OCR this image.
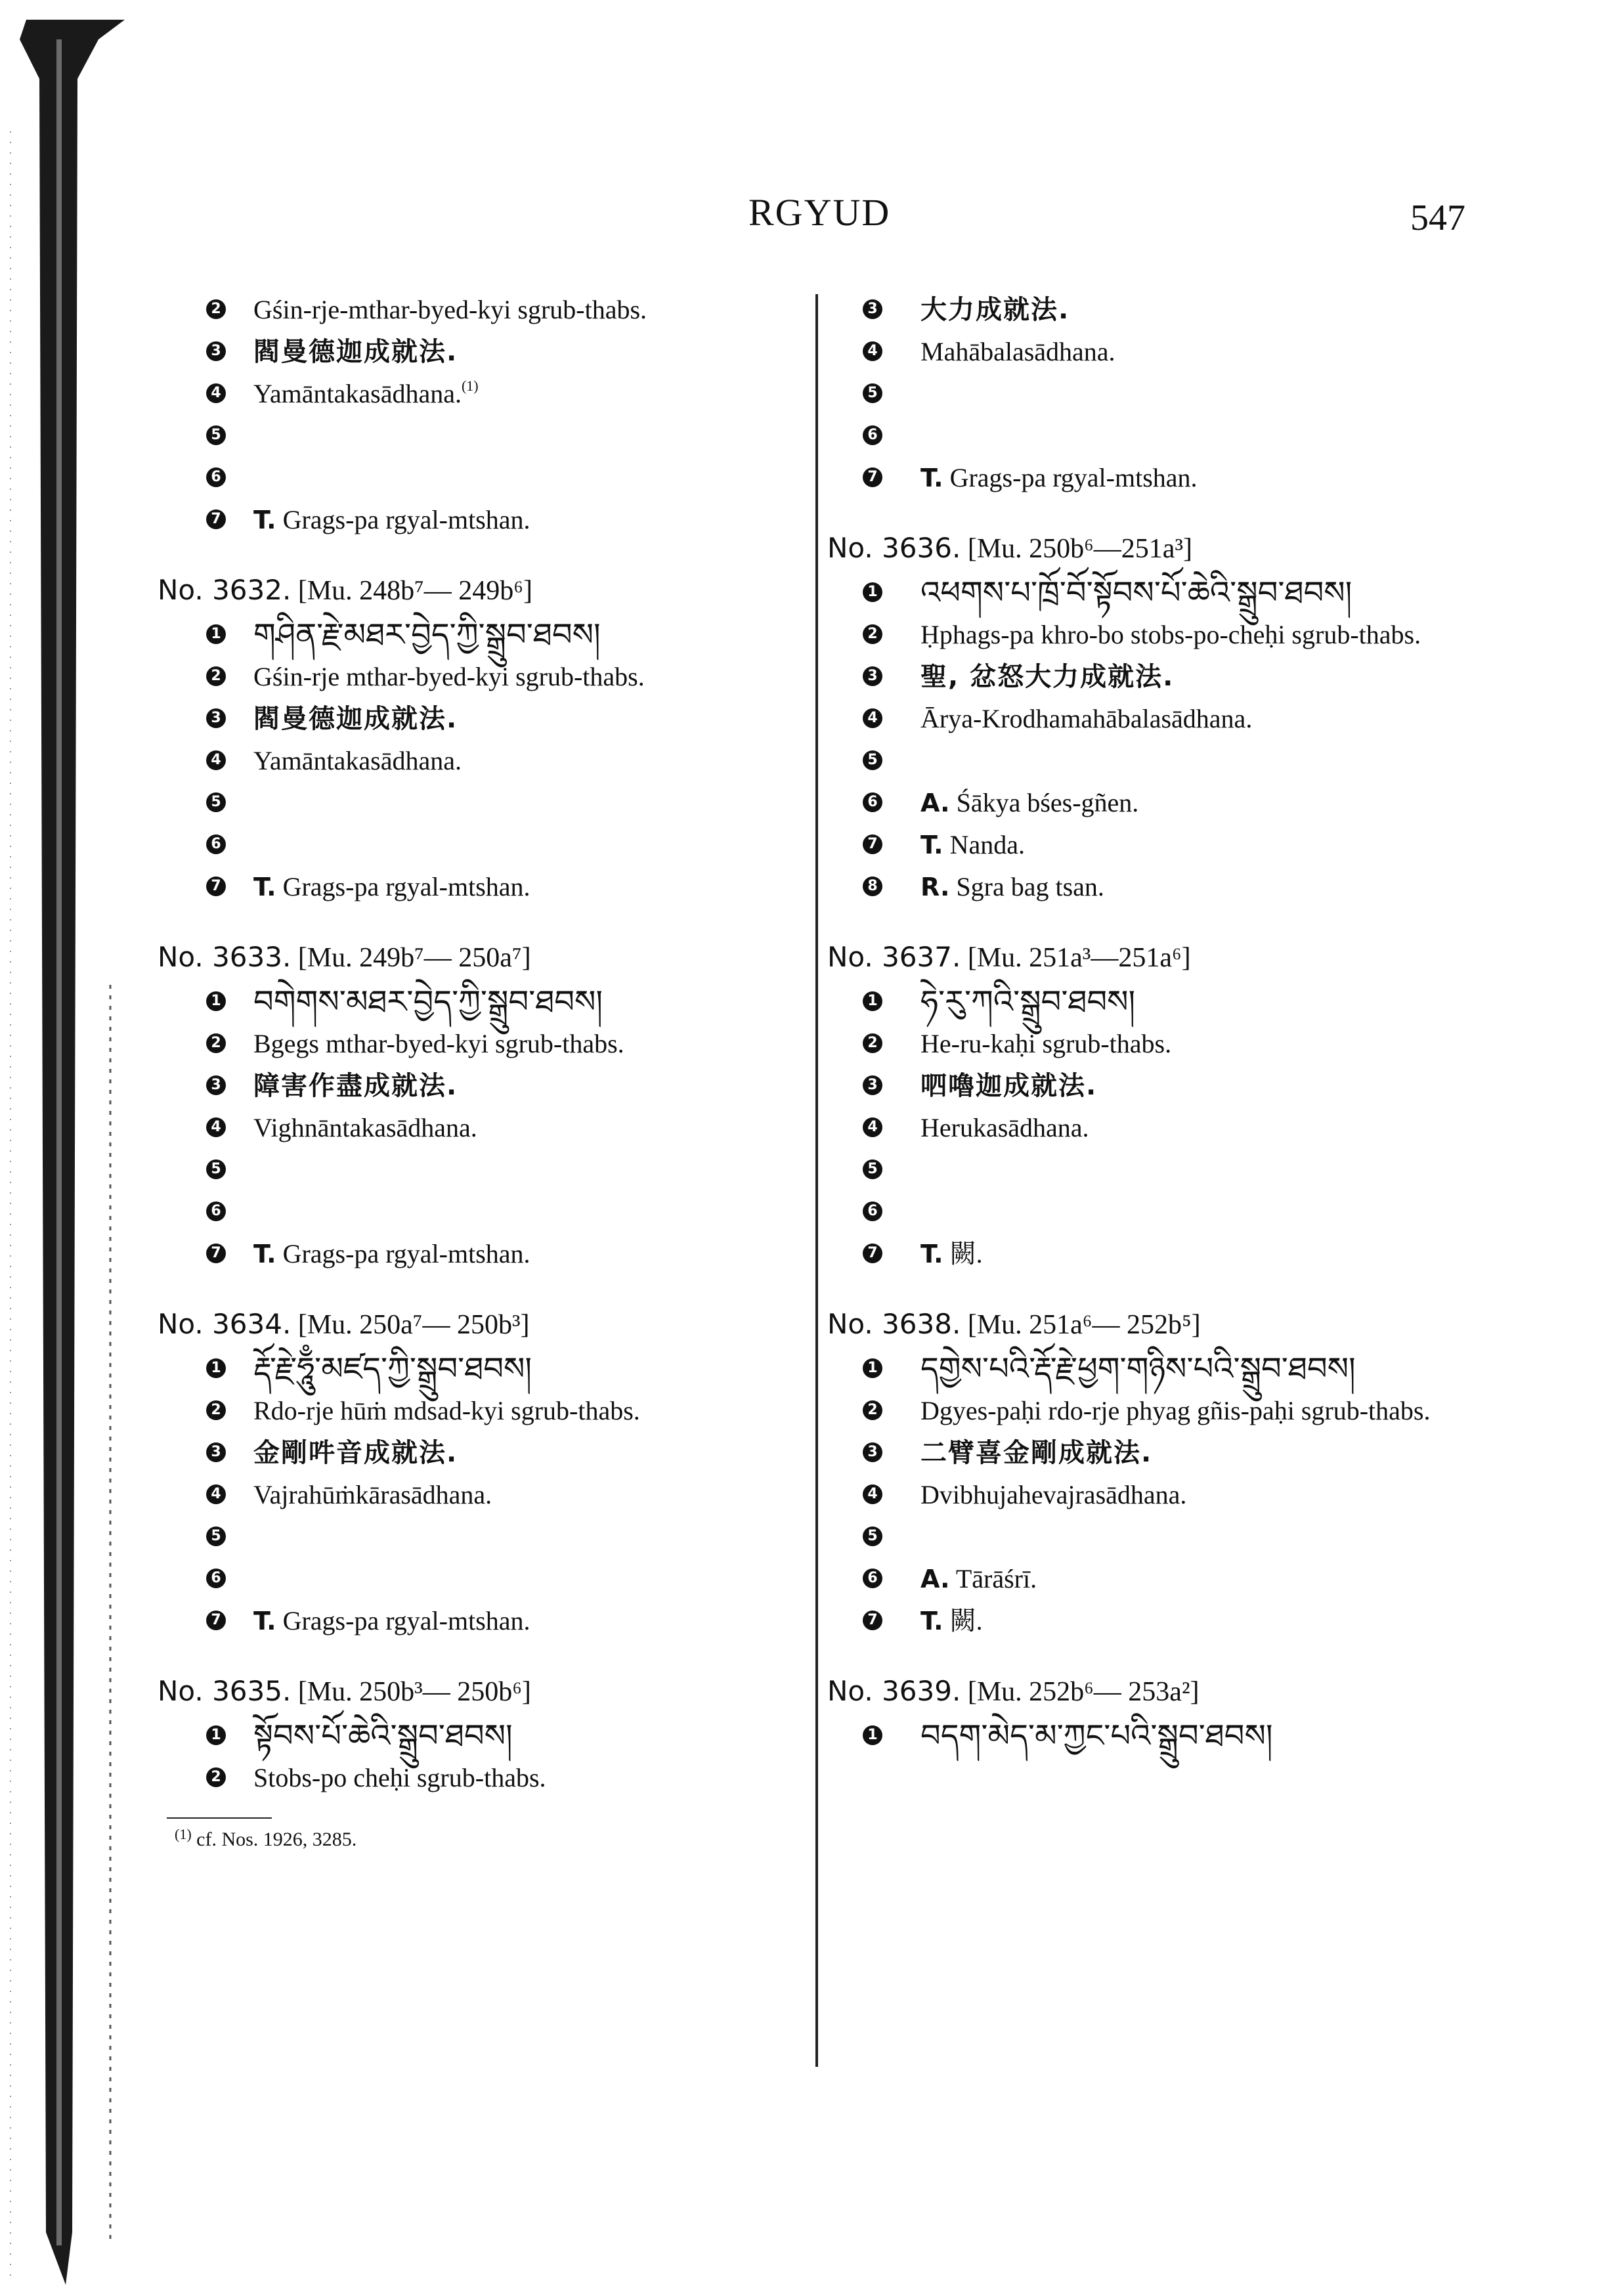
RGYUD	547
2 Gśin-rje-mthar-byed-kyi sgrub-thabs.
3 閻曼德迦成就法.
4 Yamāntakasādhana.$^{(1)}$
5
6
7 T. Grags-pa rgyal-mtshan.
No. 3632. [Mu. 248b⁷— 249b⁶]
1 གཤིན་རྗེ་མཐར་བྱེད་ཀྱི་སྒྲུབ་ཐབས།
2 Gśin-rje mthar-byed-kyi sgrub-thabs.
3 閻曼德迦成就法.
4 Yamāntakasādhana.
5
6
7 T. Grags-pa rgyal-mtshan.
No. 3633. [Mu. 249b⁷— 250a⁷]
1 བགེགས་མཐར་བྱེད་ཀྱི་སྒྲུབ་ཐབས།
2 Bgegs mthar-byed-kyi sgrub-thabs.
3 障害作盡成就法.
4 Vighnāntakasādhana.
5
6
7 T. Grags-pa rgyal-mtshan.
No. 3634. [Mu. 250a⁷— 250b³]
1 རྡོ་རྗེ་ཧཱུྃ་མཛད་ཀྱི་སྒྲུབ་ཐབས།
2 Rdo-rje hūṁ mdsad-kyi sgrub-thabs.
3 金剛吽音成就法.
4 Vajrahūṁkārasādhana.
5
6
7 T. Grags-pa rgyal-mtshan.
No. 3635. [Mu. 250b³— 250b⁶]
1 སྟོབས་པོ་ཆེའི་སྒྲུབ་ཐབས།
2 Stobs-po cheḥi sgrub-thabs.
$^{(1)}$ cf. Nos. 1926, 3285.
3 大力成就法.
4 Mahābalasādhana.
5
6
7 T. Grags-pa rgyal-mtshan.
No. 3636. [Mu. 250b⁶—251a³]
1 འཕགས་པ་ཁྲོ་བོ་སྟོབས་པོ་ཆེའི་སྒྲུབ་ཐབས།
2 Ḥphags-pa khro-bo stobs-po-cheḥi sgrub-thabs.
3 聖, 忿怒大力成就法.
4 Ārya-Krodhamahābalasādhana.
5
6 A. Śākya bśes-gñen.
7 T. Nanda.
8 R. Sgra bag tsan.
No. 3637. [Mu. 251a³—251a⁶]
1 ཧེ་རུ་ཀའི་སྒྲུབ་ཐབས།
2 He-ru-kaḥi sgrub-thabs.
3 呬嚕迦成就法.
4 Herukasādhana.
5
6
7 T. 闕.
No. 3638. [Mu. 251a⁶— 252b⁵]
1 དགྱེས་པའི་རྡོ་རྗེ་ཕྱག་གཉིས་པའི་སྒྲུབ་ཐབས།
2 Dgyes-paḥi rdo-rje phyag gñis-paḥi sgrub-thabs.
3 二臂喜金剛成就法.
4 Dvibhujahevajrasādhana.
5
6 A. Tārāśrī.
7 T. 闕.
No. 3639. [Mu. 252b⁶— 253a²]
1 བདག་མེད་མ་ཀྱང་པའི་སྒྲུབ་ཐབས།
